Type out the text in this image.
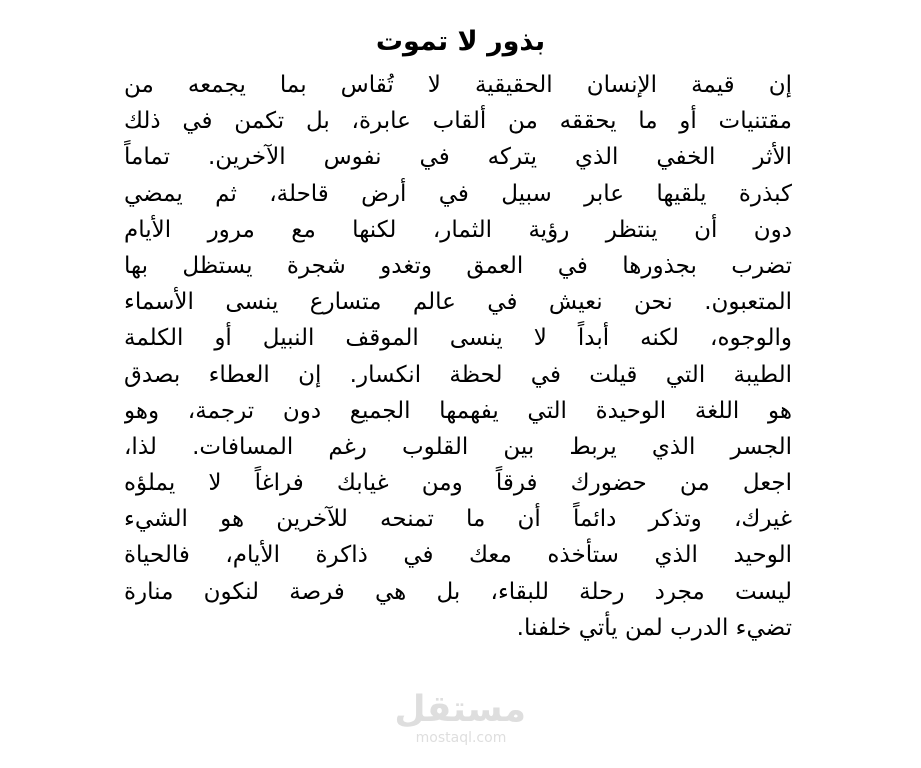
بذور لا تموت
إن قيمة الإنسان الحقيقية لا تُقاس بما يجمعه من
مقتنيات أو ما يحققه من ألقاب عابرة، بل تكمن في ذلك
الأثر الخفي الذي يتركه في نفوس الآخرين. تماماً
كبذرة يلقيها عابر سبيل في أرض قاحلة، ثم يمضي
دون أن ينتظر رؤية الثمار، لكنها مع مرور الأيام
تضرب بجذورها في العمق وتغدو شجرة يستظل بها
المتعبون. نحن نعيش في عالم متسارع ينسى الأسماء
والوجوه، لكنه أبداً لا ينسى الموقف النبيل أو الكلمة
الطيبة التي قيلت في لحظة انكسار. إن العطاء بصدق
هو اللغة الوحيدة التي يفهمها الجميع دون ترجمة، وهو
الجسر الذي يربط بين القلوب رغم المسافات. لذا،
اجعل من حضورك فرقاً ومن غيابك فراغاً لا يملؤه
غيرك، وتذكر دائماً أن ما تمنحه للآخرين هو الشيء
الوحيد الذي ستأخذه معك في ذاكرة الأيام، فالحياة
ليست مجرد رحلة للبقاء، بل هي فرصة لنكون منارة
تضيء الدرب لمن يأتي خلفنا.
مستقل
mostaql.com
